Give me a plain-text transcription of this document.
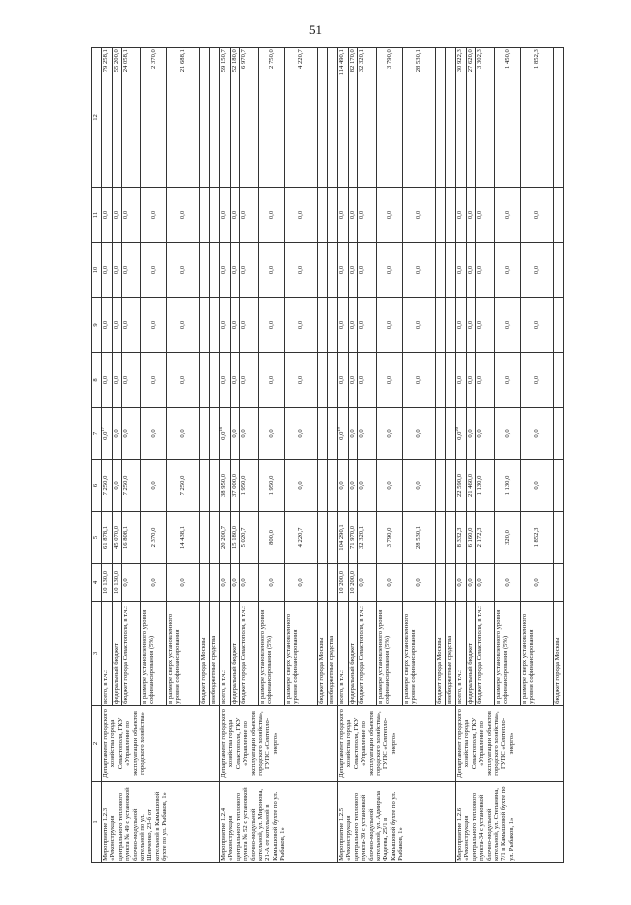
51
1	2	3	4	5	6	7	8	9	10	11	12
Мероприятие 1.2.3 «Реконструкция центрального теплового пункта № 49 с установкой блочно-модульной котельной по ул. Шевченко, 23-б от котельной в Камышовой бухте по ул. Рыбаков, 1»	Департамент городского хозяйства города Севастополя, ГКУ «Управление по эксплуатации объектов городского хозяйства»	всего, в т.ч.:	10 130,0	61 878,1	7 250,0	$0,0^{17}$	0,0	0,0	0,0	0,0	79 258,1
		федеральный бюджет	10 130,0	45 070,0	0,0	0,0	0,0	0,0	0,0	0,0	55 200,0
		бюджет города Севастополя, в т.ч.:	0,0	16 808,1	7 250,0	0,0	0,0	0,0	0,0	0,0	24 058,1
		в размере установленного уровня софинансирования (5%)	0,0	2 370,0	0,0	0,0	0,0	0,0	0,0	0,0	2 370,0
		в размере сверх установленного уровня софинансирования	0,0	14 438,1	7 250,0	0,0	0,0	0,0	0,0	0,0	21 688,1
		бюджет города Москвы									
		внебюджетные средства									
Мероприятие 1.2.4 «Реконструкция центрального теплового пункта № 52 с установкой блочно-модульной котельной, ул. Миронова, 21-А от котельной в Камышовой бухте по ул. Рыбаков, 1»	Департамент городского хозяйства города Севастополя, ГКУ «Управление по эксплуатации объектов городского хозяйства», ГУПС «Севтепло-энерго»	всего, в т.ч.:	0,0	20 200,7	38 950,0	$0,0^{18}$	0,0	0,0	0,0	0,0	59 150,7
		федеральный бюджет	0,0	15 180,0	37 000,0	0,0	0,0	0,0	0,0	0,0	52 180,0
		бюджет города Севастополя, в т.ч.:	0,0	5 020,7	1 950,0	0,0	0,0	0,0	0,0	0,0	6 970,7
		в размере установленного уровня софинансирования (5%)	0,0	800,0	1 950,0	0,0	0,0	0,0	0,0	0,0	2 750,0
		в размере сверх установленного уровня софинансирования	0,0	4 220,7	0,0	0,0	0,0	0,0	0,0	0,0	4 220,7
		бюджет города Москвы									
		внебюджетные средства									
Мероприятие 1.2.5 «Реконструкция центрального теплового пункта-39 с установкой блочно-модульной котельной, ул. Адмирала Фадеева, 25/1 в Камышовой бухте по ул. Рыбаков, 1»	Департамент городского хозяйства города Севастополя, ГКУ «Управление по эксплуатации объектов городского хозяйства», ГУПС «Севтепло-энерго»	всего, в т.ч.:	10 200,0	104 290,1	0,0	$0,0^{19}$	0,0	0,0	0,0	0,0	114 490,1
		федеральный бюджет	10 200,0	71 970,0	0,0	0,0	0,0	0,0	0,0	0,0	82 170,0
		бюджет города Севастополя, в т.ч.:	0,0	32 320,1	0,0	0,0	0,0	0,0	0,0	0,0	32 320,1
		в размере установленного уровня софинансирования (5%)	0,0	3 790,0	0,0	0,0	0,0	0,0	0,0	0,0	3 790,0
		в размере сверх установленного уровня софинансирования	0,0	28 530,1	0,0	0,0	0,0	0,0	0,0	0,0	28 530,1
		бюджет города Москвы									
		внебюджетные средства									
Мероприятие 1.2.6 «Реконструкция центрального теплового пункта-34 с установкой блочно-модульной котельной, ул. Степаняна, 7/1 в Камышовой бухте по ул. Рыбаков, 1»	Департамент городского хозяйства города Севастополя, ГКУ «Управление по эксплуатации объектов городского хозяйства», ГУПС «Севтепло-энерго»	всего, в т.ч.:	0,0	8 332,3	22 590,0	$0,0^{20}$	0,0	0,0	0,0	0,0	30 922,3
		федеральный бюджет	0,0	6 160,0	21 460,0	0,0	0,0	0,0	0,0	0,0	27 620,0
		бюджет города Севастополя, в т.ч.:	0,0	2 172,3	1 130,0	0,0	0,0	0,0	0,0	0,0	3 302,3
		в размере установленного уровня софинансирования (5%)	0,0	320,0	1 130,0	0,0	0,0	0,0	0,0	0,0	1 450,0
		в размере сверх установленного уровня софинансирования	0,0	1 852,3	0,0	0,0	0,0	0,0	0,0	0,0	1 852,3
		бюджет города Москвы									
